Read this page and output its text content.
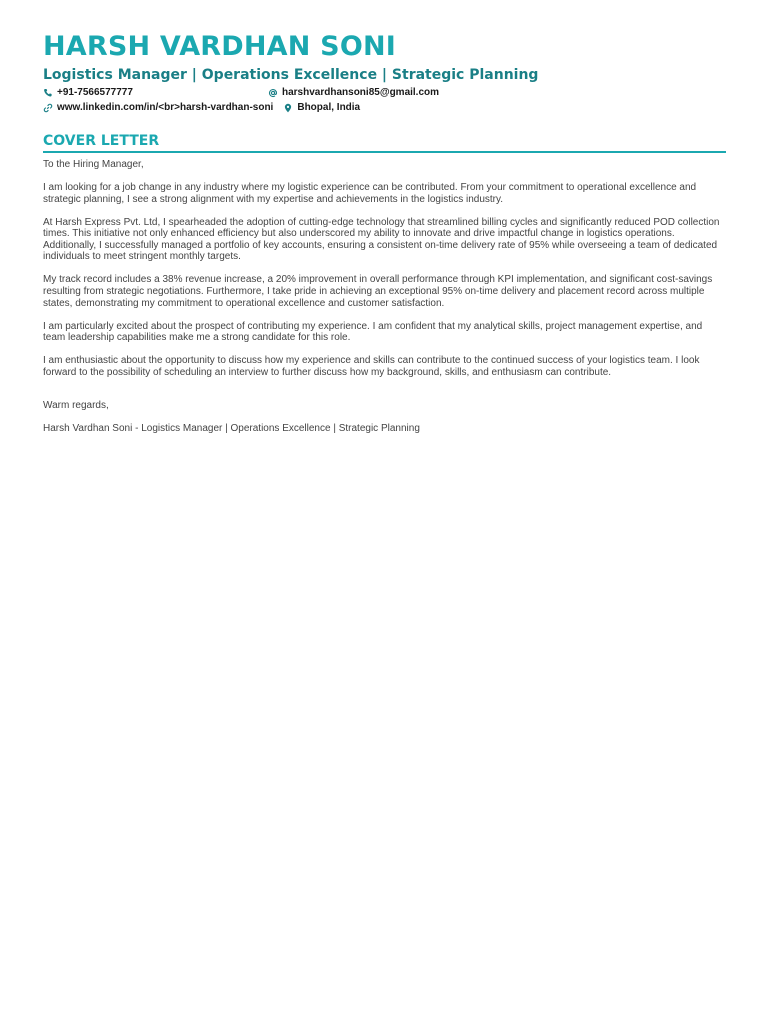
HARSH VARDHAN SONI
Logistics Manager | Operations Excellence | Strategic Planning
+91-7566577777	harshvardhansoni85@gmail.com
www.linkedin.com/in/<br>harsh-vardhan-soni Bhopal, India
COVER LETTER

To the Hiring Manager,

I am looking for a job change in any industry where my logistic experience can be contributed. From your commitment to operational excellence and strategic planning, I see a strong alignment with my expertise and achievements in the logistics industry.

At Harsh Express Pvt. Ltd, I spearheaded the adoption of cutting-edge technology that streamlined billing cycles and significantly reduced POD collection times. This initiative not only enhanced efficiency but also underscored my ability to innovate and drive impactful change in logistics operations. Additionally, I successfully managed a portfolio of key accounts, ensuring a consistent on-time delivery rate of 95% while overseeing a team of dedicated individuals to meet stringent monthly targets.

My track record includes a 38% revenue increase, a 20% improvement in overall performance through KPI implementation, and significant cost-savings resulting from strategic negotiations. Furthermore, I take pride in achieving an exceptional 95% on-time delivery and placement record across multiple states, demonstrating my commitment to operational excellence and customer satisfaction.

I am particularly excited about the prospect of contributing my experience. I am confident that my analytical skills, project management expertise, and team leadership capabilities make me a strong candidate for this role.

I am enthusiastic about the opportunity to discuss how my experience and skills can contribute to the continued success of your logistics team. I look forward to the possibility of scheduling an interview to further discuss how my background, skills, and enthusiasm can contribute.

Warm regards,

Harsh Vardhan Soni - Logistics Manager | Operations Excellence | Strategic Planning
